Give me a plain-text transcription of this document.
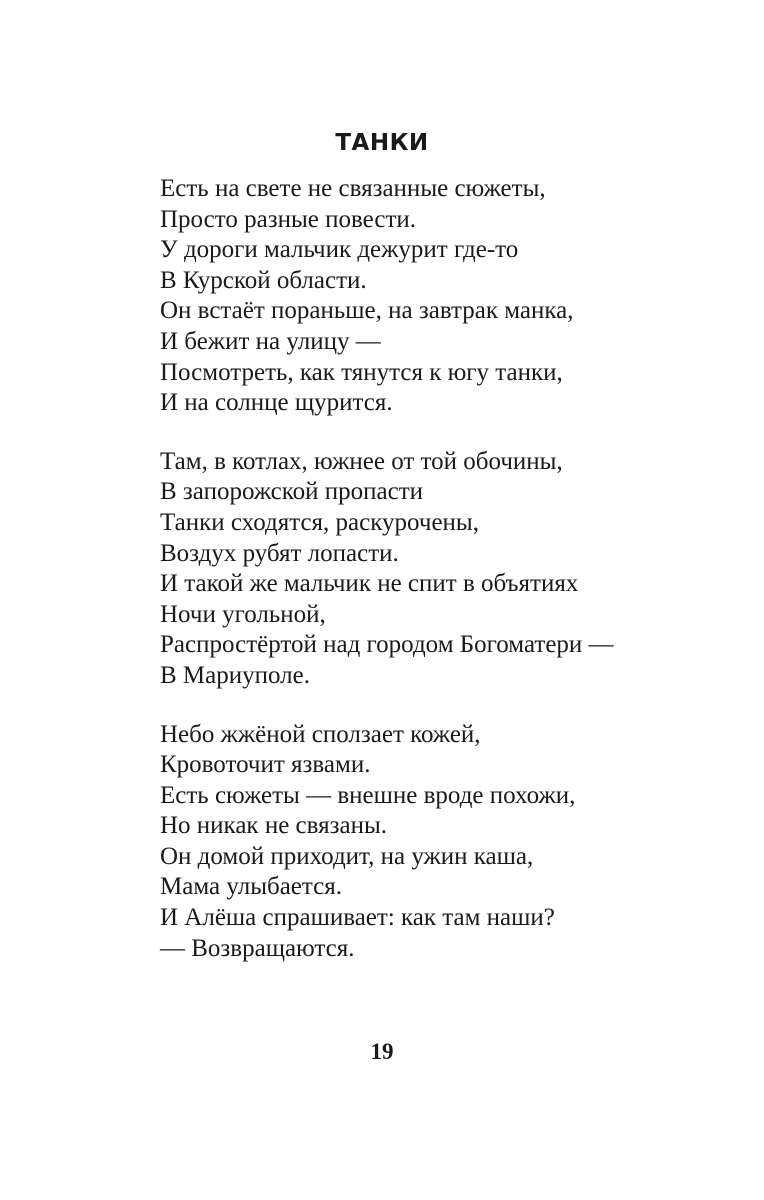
ТАНКИ
Есть на свете не связанные сюжеты,
Просто разные повести.
У дороги мальчик дежурит где-то
В Курской области.
Он встаёт пораньше, на завтрак манка,
И бежит на улицу —
Посмотреть, как тянутся к югу танки,
И на солнце щурится.
Там, в котлах, южнее от той обочины,
В запорожской пропасти
Танки сходятся, раскурочены,
Воздух рубят лопасти.
И такой же мальчик не спит в объятиях
Ночи угольной,
Распростёртой над городом Богоматери —
В Мариуполе.
Небо жжёной сползает кожей,
Кровоточит язвами.
Есть сюжеты — внешне вроде похожи,
Но никак не связаны.
Он домой приходит, на ужин каша,
Мама улыбается.
И Алёша спрашивает: как там наши?
— Возвращаются.
19
